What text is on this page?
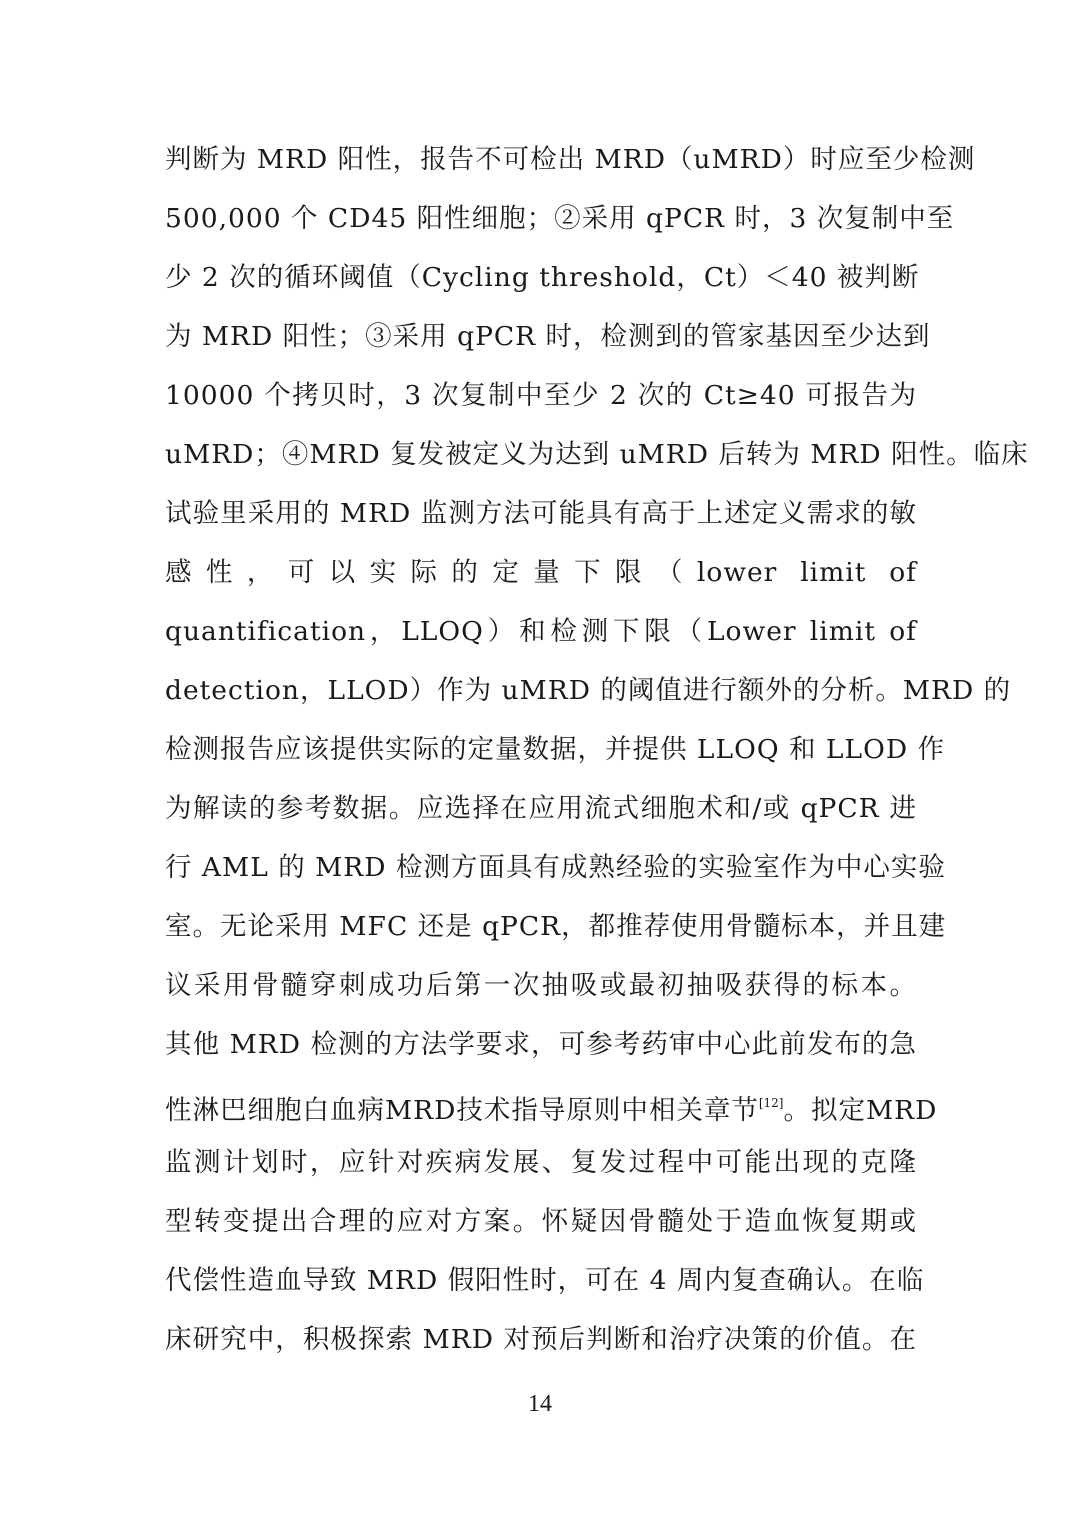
判断为 MRD 阳性，报告不可检出 MRD（uMRD）时应至少检测
500,000 个 CD45 阳性细胞；②采用 qPCR 时，3 次复制中至
少 2 次的循环阈值（Cycling threshold，Ct）＜40 被判断
为 MRD 阳性；③采用 qPCR 时，检测到的管家基因至少达到
10000 个拷贝时，3 次复制中至少 2 次的 Ct≥40 可报告为
uMRD；④MRD 复发被定义为达到 uMRD 后转为 MRD 阳性。临床
试验里采用的 MRD 监测方法可能具有高于上述定义需求的敏
感性，可以实际的定量下限（lower limit of
quantification，LLOQ）和检测下限（Lower limit of
detection，LLOD）作为 uMRD 的阈值进行额外的分析。MRD 的
检测报告应该提供实际的定量数据，并提供 LLOQ 和 LLOD 作
为解读的参考数据。应选择在应用流式细胞术和/或 qPCR 进
行 AML 的 MRD 检测方面具有成熟经验的实验室作为中心实验
室。无论采用 MFC 还是 qPCR，都推荐使用骨髓标本，并且建
议采用骨髓穿刺成功后第一次抽吸或最初抽吸获得的标本。
其他 MRD 检测的方法学要求，可参考药审中心此前发布的急
性淋巴细胞白血病MRD技术指导原则中相关章节[12]。拟定MRD
监测计划时，应针对疾病发展、复发过程中可能出现的克隆
型转变提出合理的应对方案。怀疑因骨髓处于造血恢复期或
代偿性造血导致 MRD 假阳性时，可在 4 周内复查确认。在临
床研究中，积极探索 MRD 对预后判断和治疗决策的价值。在
14
